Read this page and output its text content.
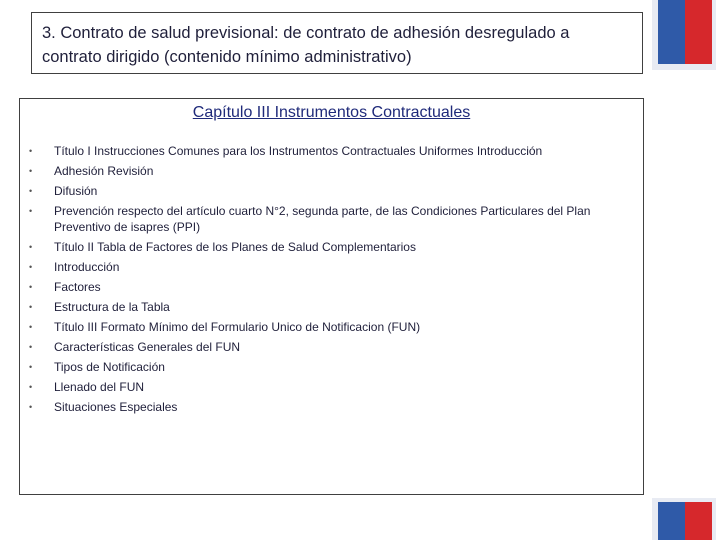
3. Contrato de salud previsional: de contrato de adhesión desregulado a contrato dirigido (contenido mínimo administrativo)
Capítulo III Instrumentos Contractuales
• Título I Instrucciones Comunes para los Instrumentos Contractuales Uniformes Introducción
• Adhesión Revisión
• Difusión
• Prevención respecto del artículo cuarto N°2, segunda parte, de las Condiciones Particulares del Plan Preventivo de isapres (PPI)
• Título II Tabla de Factores de los Planes de Salud Complementarios
• Introducción
• Factores
• Estructura de la Tabla
• Título III Formato Mínimo del Formulario Unico de Notificacion (FUN)
• Características Generales del FUN
• Tipos de Notificación
• Llenado del FUN
• Situaciones Especiales
